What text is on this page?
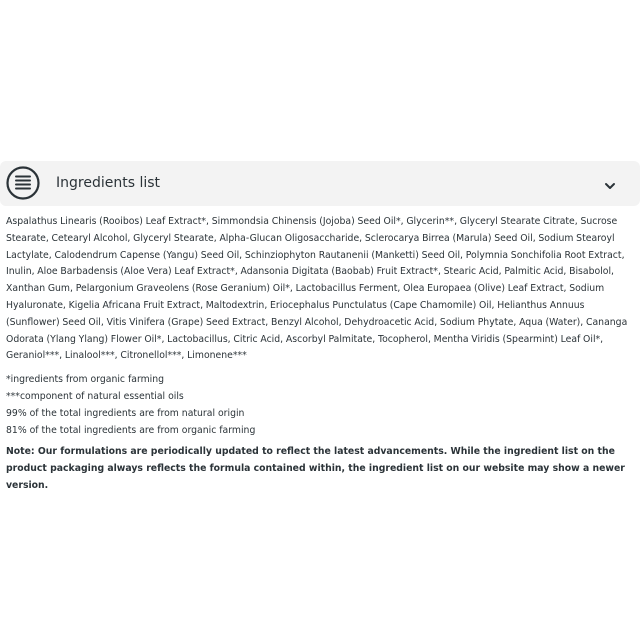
Ingredients list

Aspalathus Linearis (Rooibos) Leaf Extract*, Simmondsia Chinensis (Jojoba) Seed Oil*, Glycerin**, Glyceryl Stearate Citrate, Sucrose Stearate, Cetearyl Alcohol, Glyceryl Stearate, Alpha-Glucan Oligosaccharide, Sclerocarya Birrea (Marula) Seed Oil, Sodium Stearoyl Lactylate, Calodendrum Capense (Yangu) Seed Oil, Schinziophyton Rautanenii (Manketti) Seed Oil, Polymnia Sonchifolia Root Extract, Inulin, Aloe Barbadensis (Aloe Vera) Leaf Extract*, Adansonia Digitata (Baobab) Fruit Extract*, Stearic Acid, Palmitic Acid, Bisabolol, Xanthan Gum, Pelargonium Graveolens (Rose Geranium) Oil*, Lactobacillus Ferment, Olea Europaea (Olive) Leaf Extract, Sodium Hyaluronate, Kigelia Africana Fruit Extract, Maltodextrin, Eriocephalus Punctulatus (Cape Chamomile) Oil, Helianthus Annuus (Sunflower) Seed Oil, Vitis Vinifera (Grape) Seed Extract, Benzyl Alcohol, Dehydroacetic Acid, Sodium Phytate, Aqua (Water), Cananga Odorata (Ylang Ylang) Flower Oil*, Lactobacillus, Citric Acid, Ascorbyl Palmitate, Tocopherol, Mentha Viridis (Spearmint) Leaf Oil*, Geraniol***, Linalool***, Citronellol***, Limonene***

*ingredients from organic farming

***component of natural essential oils

99% of the total ingredients are from natural origin

81% of the total ingredients are from organic farming

Note: Our formulations are periodically updated to reflect the latest advancements. While the ingredient list on the product packaging always reflects the formula contained within, the ingredient list on our website may show a newer version.
